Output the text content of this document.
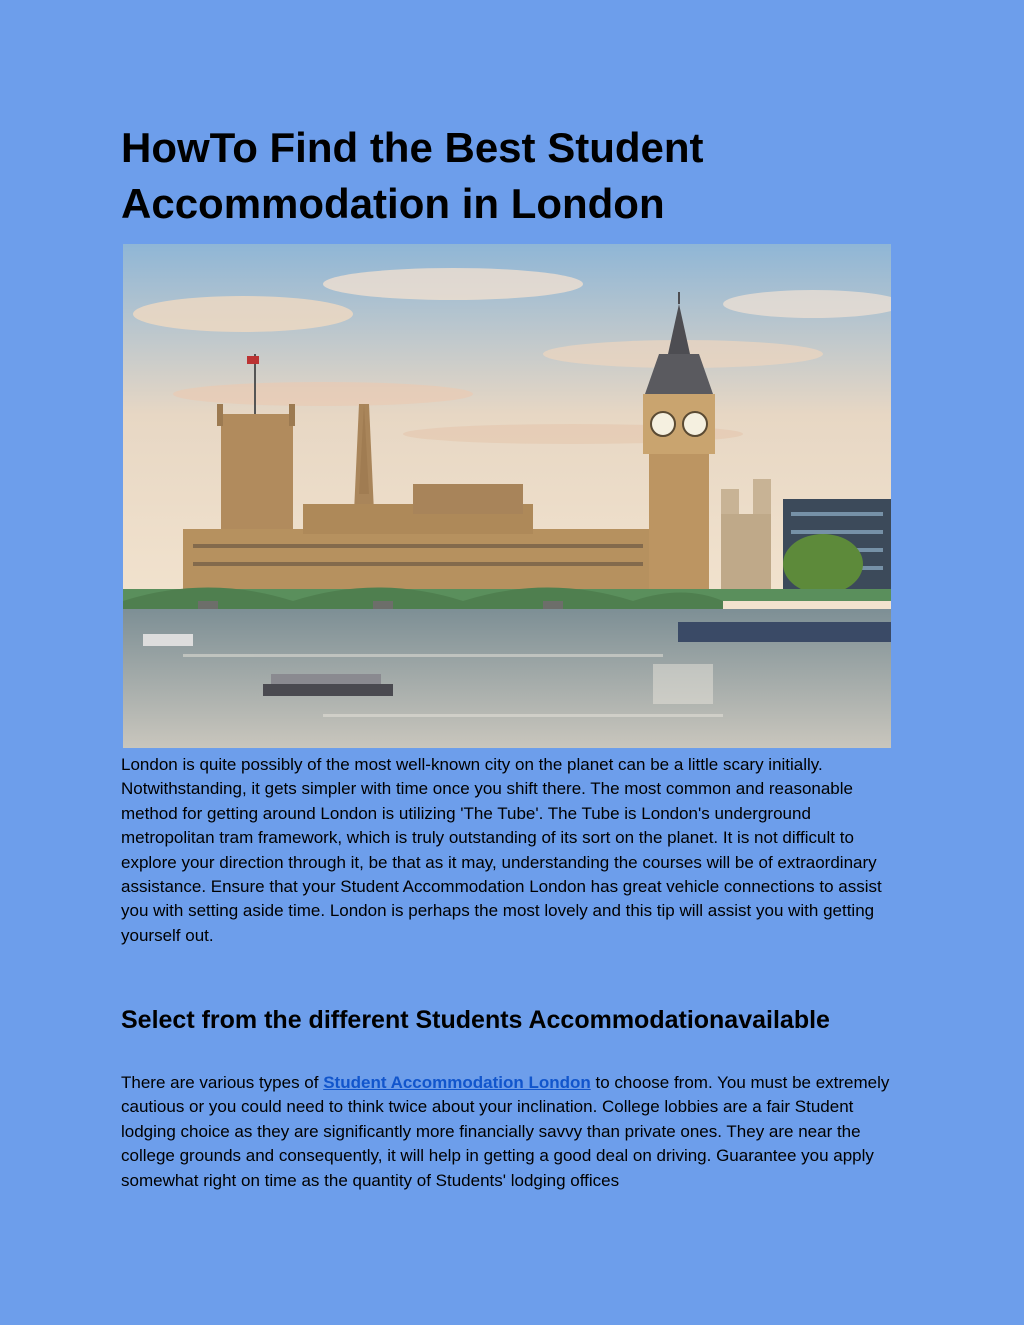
HowTo Find the Best Student Accommodation in London

London is quite possibly of the most well-known city on the planet can be a little scary initially. Notwithstanding, it gets simpler with time once you shift there. The most common and reasonable method for getting around London is utilizing 'The Tube'. The Tube is London's underground metropolitan tram framework, which is truly outstanding of its sort on the planet. It is not difficult to explore your direction through it, be that as it may, understanding the courses will be of extraordinary assistance. Ensure that your Student Accommodation London has great vehicle connections to assist you with setting aside time. London is perhaps the most lovely and this tip will assist you with getting yourself out.

Select from the different Students Accommodationavailable

There are various types of Student Accommodation London to choose from. You must be extremely cautious or you could need to think twice about your inclination. College lobbies are a fair Student lodging choice as they are significantly more financially savvy than private ones. They are near the college grounds and consequently, it will help in getting a good deal on driving. Guarantee you apply somewhat right on time as the quantity of Students' lodging offices
